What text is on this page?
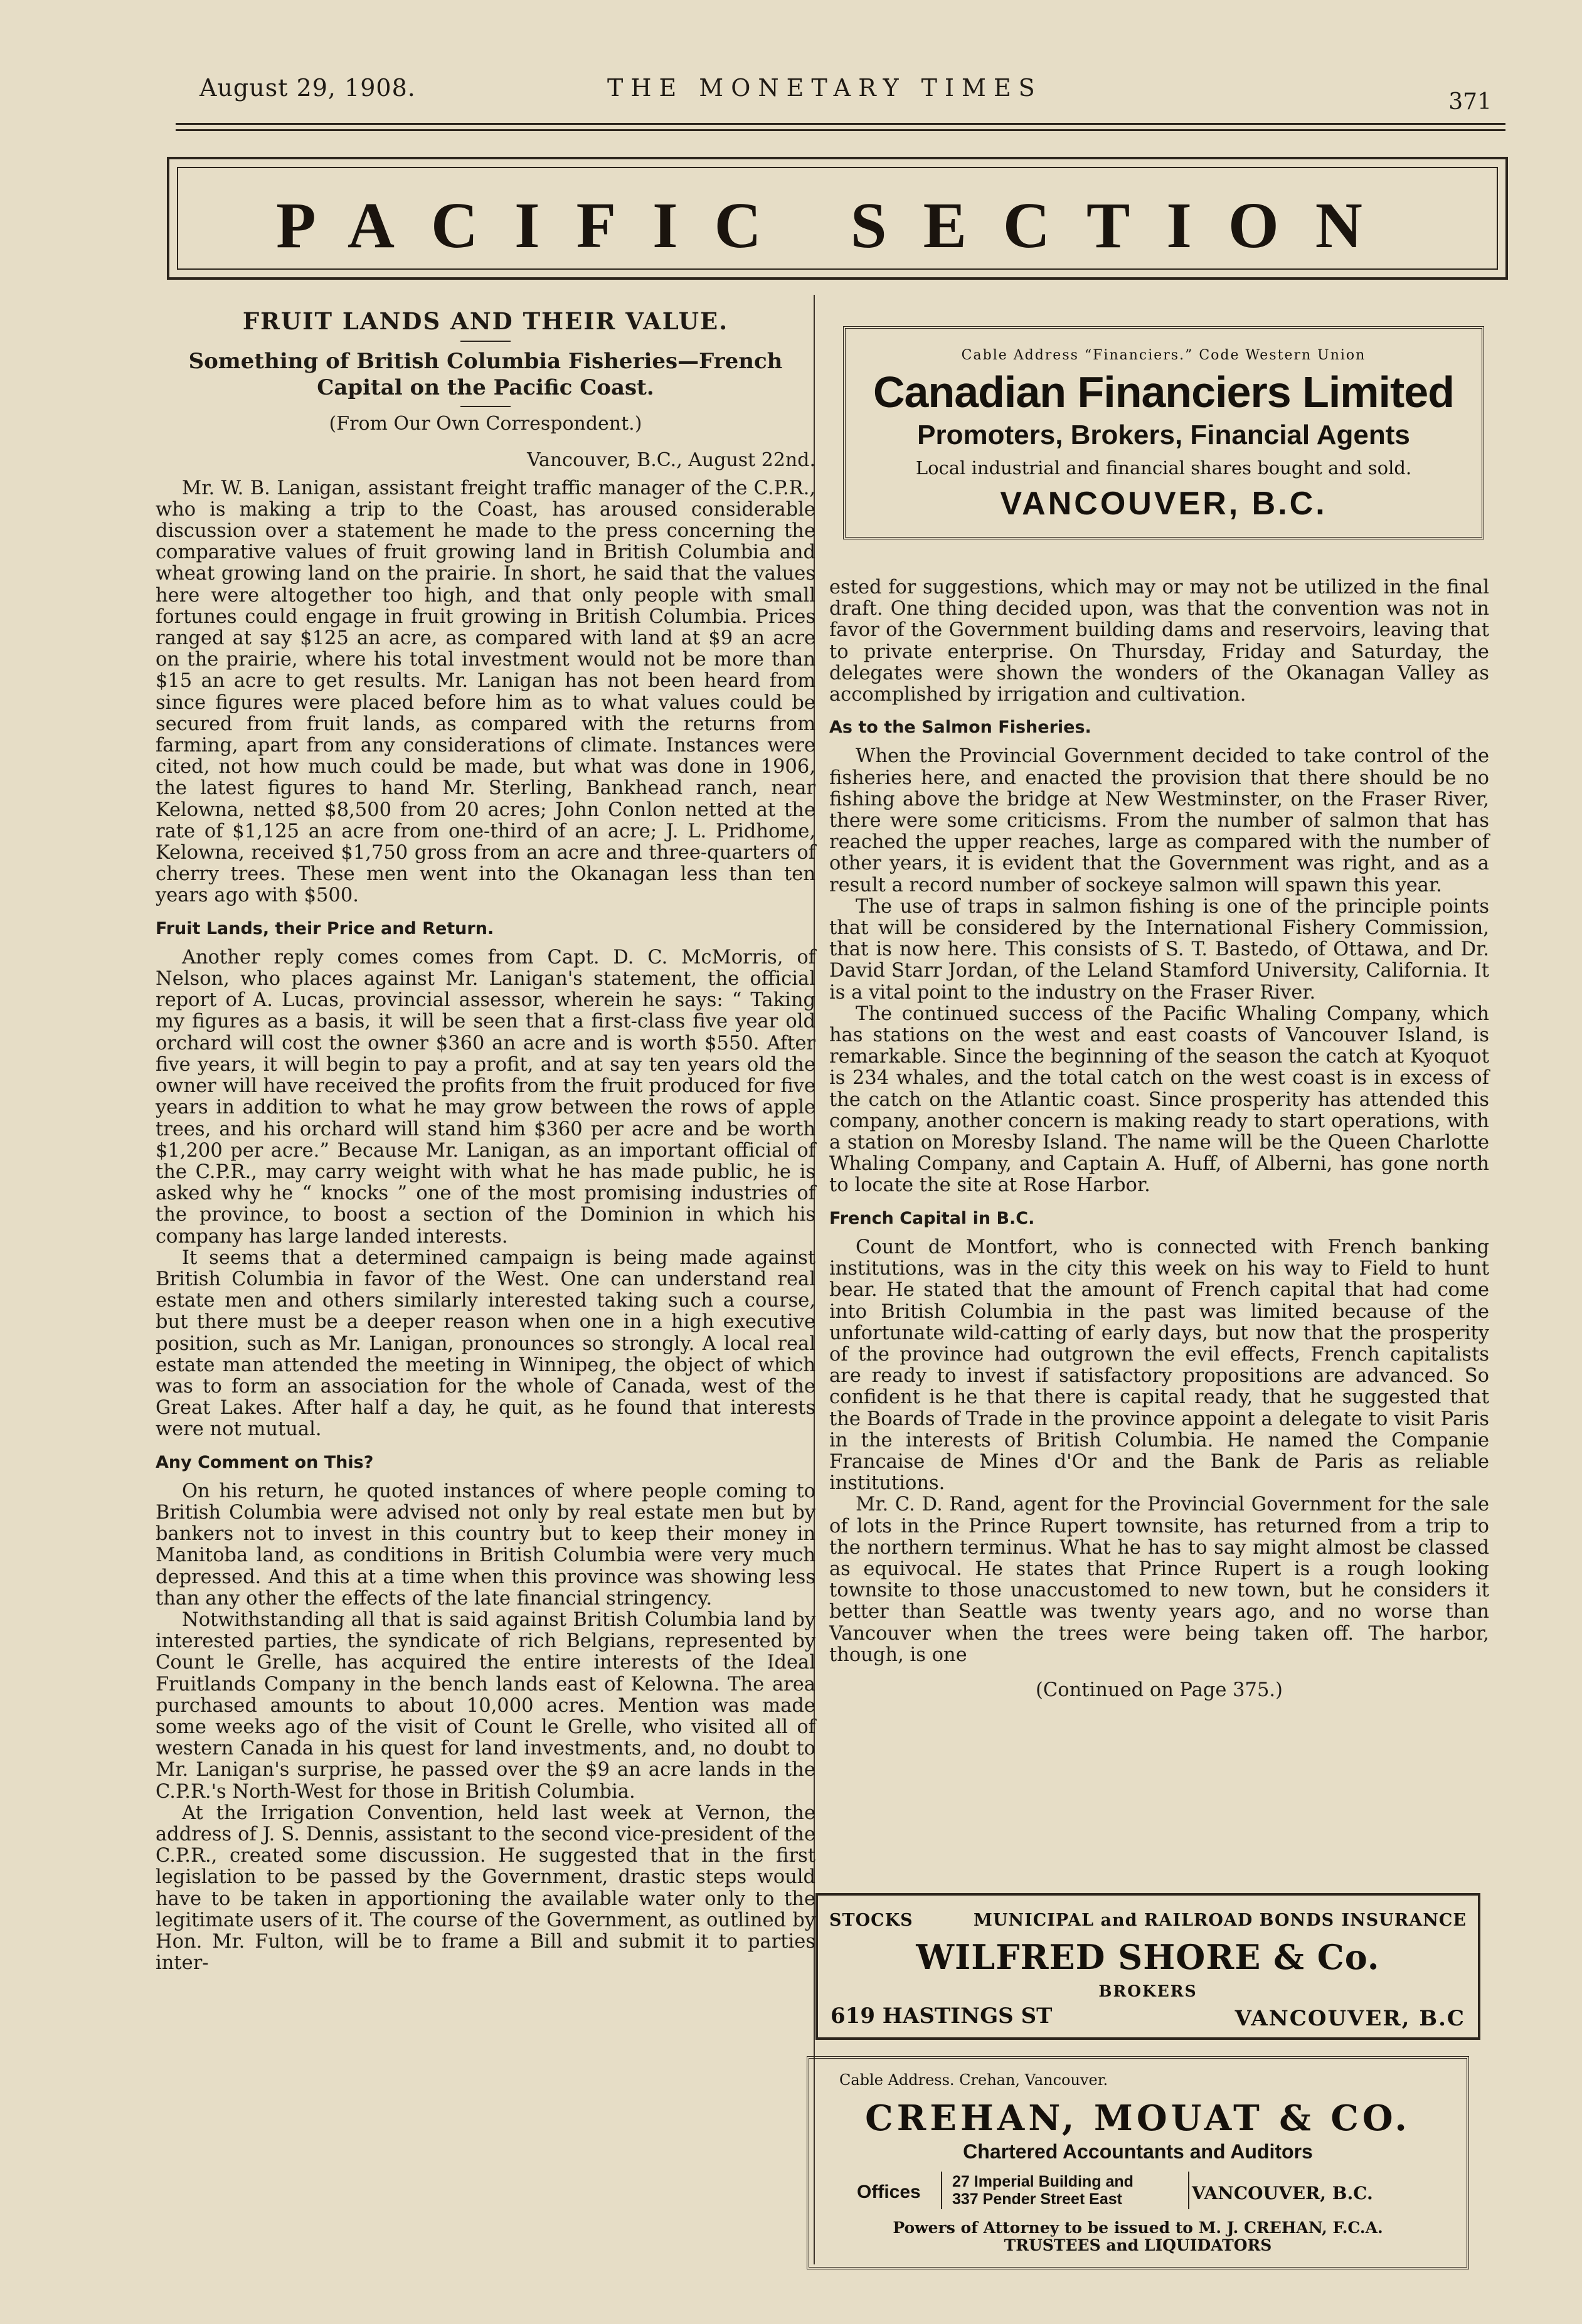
August 29, 1908.	THE MONETARY TIMES
371
PACIFIC SECTION
FRUIT LANDS AND THEIR VALUE.
Something of British Columbia Fisheries—French
Capital on the Pacific Coast.
(From Our Own Correspondent.)
Vancouver, B.C., August 22nd.

Mr. W. B. Lanigan, assistant freight traffic manager of the C.P.R., who is making a trip to the Coast, has aroused considerable discussion over a statement he made to the press concerning the comparative values of fruit growing land in British Columbia and wheat growing land on the prairie. In short, he said that the values here were altogether too high, and that only people with small fortunes could engage in fruit growing in British Columbia. Prices ranged at say $125 an acre, as compared with land at $9 an acre on the prairie, where his total investment would not be more than $15 an acre to get results. Mr. Lanigan has not been heard from since figures were placed before him as to what values could be secured from fruit lands, as compared with the returns from farming, apart from any considerations of climate. Instances were cited, not how much could be made, but what was done in 1906, the latest figures to hand Mr. Sterling, Bankhead ranch, near Kelowna, netted $8,500 from 20 acres; John Conlon netted at the rate of $1,125 an acre from one-third of an acre; J. L. Pridhome, Kelowna, received $1,750 gross from an acre and three-quarters of cherry trees. These men went into the Okanagan less than ten years ago with $500.

Fruit Lands, their Price and Return.

Another reply comes comes from Capt. D. C. McMorris, of Nelson, who places against Mr. Lanigan's statement, the official report of A. Lucas, provincial assessor, wherein he says: “ Taking my figures as a basis, it will be seen that a first-class five year old orchard will cost the owner $360 an acre and is worth $550. After five years, it will begin to pay a profit, and at say ten years old the owner will have received the profits from the fruit produced for five years in addition to what he may grow between the rows of apple trees, and his orchard will stand him $360 per acre and be worth $1,200 per acre.” Because Mr. Lanigan, as an important official of the C.P.R., may carry weight with what he has made public, he is asked why he “ knocks ” one of the most promising industries of the province, to boost a section of the Dominion in which his company has large landed interests.

It seems that a determined campaign is being made against British Columbia in favor of the West. One can understand real estate men and others similarly interested taking such a course, but there must be a deeper reason when one in a high executive position, such as Mr. Lanigan, pronounces so strongly. A local real estate man attended the meeting in Winnipeg, the object of which was to form an association for the whole of Canada, west of the Great Lakes. After half a day, he quit, as he found that interests were not mutual.

Any Comment on This?

On his return, he quoted instances of where people coming to British Columbia were advised not only by real estate men but by bankers not to invest in this country but to keep their money in Manitoba land, as conditions in British Columbia were very much depressed. And this at a time when this province was showing less than any other the effects of the late financial stringency.

Notwithstanding all that is said against British Columbia land by interested parties, the syndicate of rich Belgians, represented by Count le Grelle, has acquired the entire interests of the Ideal Fruitlands Company in the bench lands east of Kelowna. The area purchased amounts to about 10,000 acres. Mention was made some weeks ago of the visit of Count le Grelle, who visited all of western Canada in his quest for land investments, and, no doubt to Mr. Lanigan's surprise, he passed over the $9 an acre lands in the C.P.R.'s North-West for those in British Columbia.

At the Irrigation Convention, held last week at Vernon, the address of J. S. Dennis, assistant to the second vice-president of the C.P.R., created some discussion. He suggested that in the first legislation to be passed by the Government, drastic steps would have to be taken in apportioning the available water only to the legitimate users of it. The course of the Government, as outlined by Hon. Mr. Fulton, will be to frame a Bill and submit it to parties inter-

Cable Address “Financiers.” Code Western Union
Canadian Financiers Limited
Promoters, Brokers, Financial Agents
Local industrial and financial shares bought and sold.
VANCOUVER, B.C.

ested for suggestions, which may or may not be utilized in the final draft. One thing decided upon, was that the convention was not in favor of the Government building dams and reservoirs, leaving that to private enterprise. On Thursday, Friday and Saturday, the delegates were shown the wonders of the Okanagan Valley as accomplished by irrigation and cultivation.

As to the Salmon Fisheries.

When the Provincial Government decided to take control of the fisheries here, and enacted the provision that there should be no fishing above the bridge at New Westminster, on the Fraser River, there were some criticisms. From the number of salmon that has reached the upper reaches, large as compared with the number of other years, it is evident that the Government was right, and as a result a record number of sockeye salmon will spawn this year.

The use of traps in salmon fishing is one of the principle points that will be considered by the International Fishery Commission, that is now here. This consists of S. T. Bastedo, of Ottawa, and Dr. David Starr Jordan, of the Leland Stamford University, California. It is a vital point to the industry on the Fraser River.

The continued success of the Pacific Whaling Company, which has stations on the west and east coasts of Vancouver Island, is remarkable. Since the beginning of the season the catch at Kyoquot is 234 whales, and the total catch on the west coast is in excess of the catch on the Atlantic coast. Since prosperity has attended this company, another concern is making ready to start operations, with a station on Moresby Island. The name will be the Queen Charlotte Whaling Company, and Captain A. Huff, of Alberni, has gone north to locate the site at Rose Harbor.

French Capital in B.C.

Count de Montfort, who is connected with French banking institutions, was in the city this week on his way to Field to hunt bear. He stated that the amount of French capital that had come into British Columbia in the past was limited because of the unfortunate wild-catting of early days, but now that the prosperity of the province had outgrown the evil effects, French capitalists are ready to invest if satisfactory propositions are advanced. So confident is he that there is capital ready, that he suggested that the Boards of Trade in the province appoint a delegate to visit Paris in the interests of British Columbia. He named the Companie Francaise de Mines d'Or and the Bank de Paris as reliable institutions.

Mr. C. D. Rand, agent for the Provincial Government for the sale of lots in the Prince Rupert townsite, has returned from a trip to the northern terminus. What he has to say might almost be classed as equivocal. He states that Prince Rupert is a rough looking townsite to those unaccustomed to new town, but he considers it better than Seattle was twenty years ago, and no worse than Vancouver when the trees were being taken off. The harbor, though, is one

(Continued on Page 375.)
STOCKS	MUNICIPAL and RAILROAD BONDS INSURANCE
WILFRED SHORE & Co.
BROKERS
619 HASTINGS ST	VANCOUVER, B.C
Cable Address. Crehan, Vancouver.
CREHAN, MOUAT & CO.
Chartered Accountants and Auditors
Offices 27 Imperial Building and
337 Pender Street East	VANCOUVER, B.C.
Powers of Attorney to be issued to M. J. CREHAN, F.C.A.
TRUSTEES and LIQUIDATORS
